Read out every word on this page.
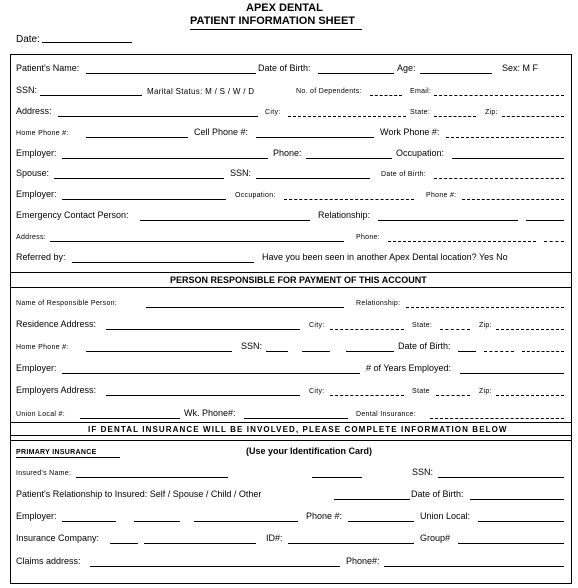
APEX DENTAL
PATIENT INFORMATION SHEET
Date:
Patient's Name:	Date of Birth:	Age:	Sex: M F
SSN:	Marital Status: M / S / W / D	No. of Dependents:	Email:
Address:	City:	State:	Zip:
Home Phone #:	Cell Phone #:	Work Phone #:
Employer:	Phone:	Occupation:
Spouse:	SSN:	Date of Birth:
Employer:	Occupation:	Phone #:
Emergency Contact Person:	Relationship:
Address:	Phone:
Referred by:	Have you been seen in another Apex Dental location? Yes No
PERSON RESPONSIBLE FOR PAYMENT OF THIS ACCOUNT
Name of Responsible Person:	Relationship:
Residence Address:	City:	State:	Zip:
Home Phone #:	SSN:	Date of Birth:
Employer:	# of Years Employed:
Employers Address:	City:	State	Zip:
Union Local #:	Wk. Phone#:	Dental Insurance:
IF DENTAL INSURANCE WILL BE INVOLVED, PLEASE COMPLETE INFORMATION BELOW
PRIMARY INSURANCE	(Use your Identification Card)
Insured's Name:	SSN:
Patient's Relationship to Insured: Self / Spouse / Child / Other	Date of Birth:
Employer:	Phone #:	Union Local:
Insurance Company:	ID#:	Group#
Claims address:	Phone#:
